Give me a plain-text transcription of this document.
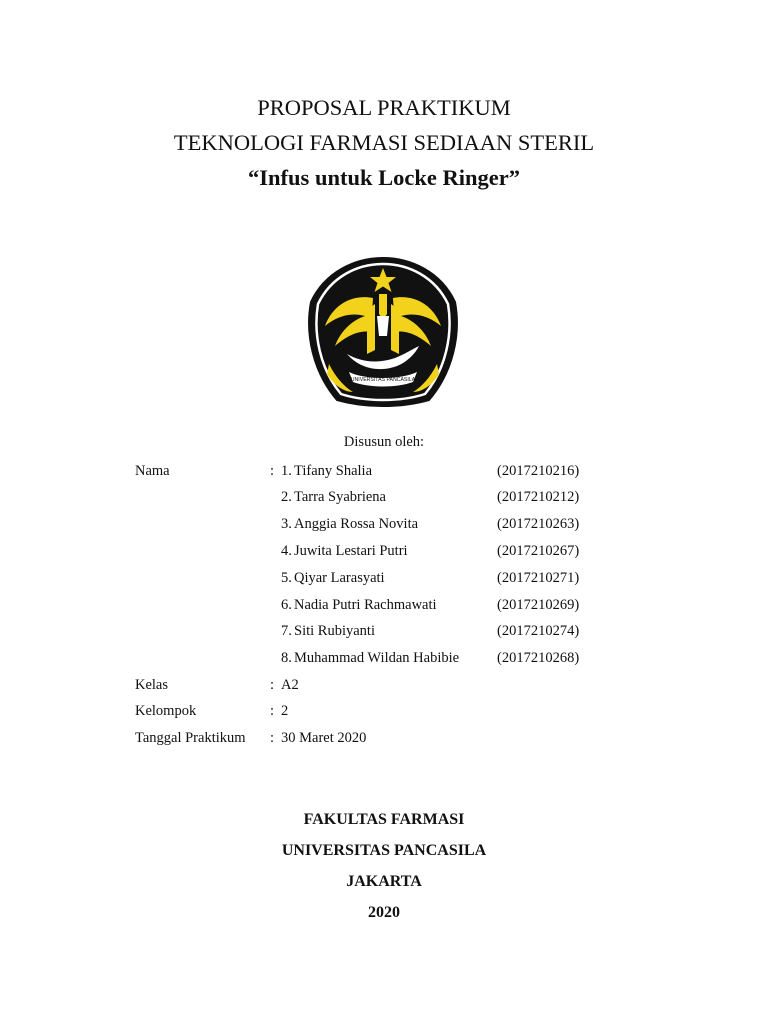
PROPOSAL PRAKTIKUM
TEKNOLOGI FARMASI SEDIAAN STERIL
“Infus untuk Locke Ringer”
UNIVERSITAS PANCASILA
Disusun oleh:
Nama	: 1. Tifany Shalia	(2017210216)
2. Tarra Syabriena	(2017210212)
3. Anggia Rossa Novita	(2017210263)
4. Juwita Lestari Putri	(2017210267)
5. Qiyar Larasyati	(2017210271)
6. Nadia Putri Rachmawati	(2017210269)
7. Siti Rubiyanti	(2017210274)
8. Muhammad Wildan Habibie	(2017210268)
Kelas	: A2
Kelompok	: 2
Tanggal Praktikum : 30 Maret 2020
FAKULTAS FARMASI
UNIVERSITAS PANCASILA
JAKARTA
2020
